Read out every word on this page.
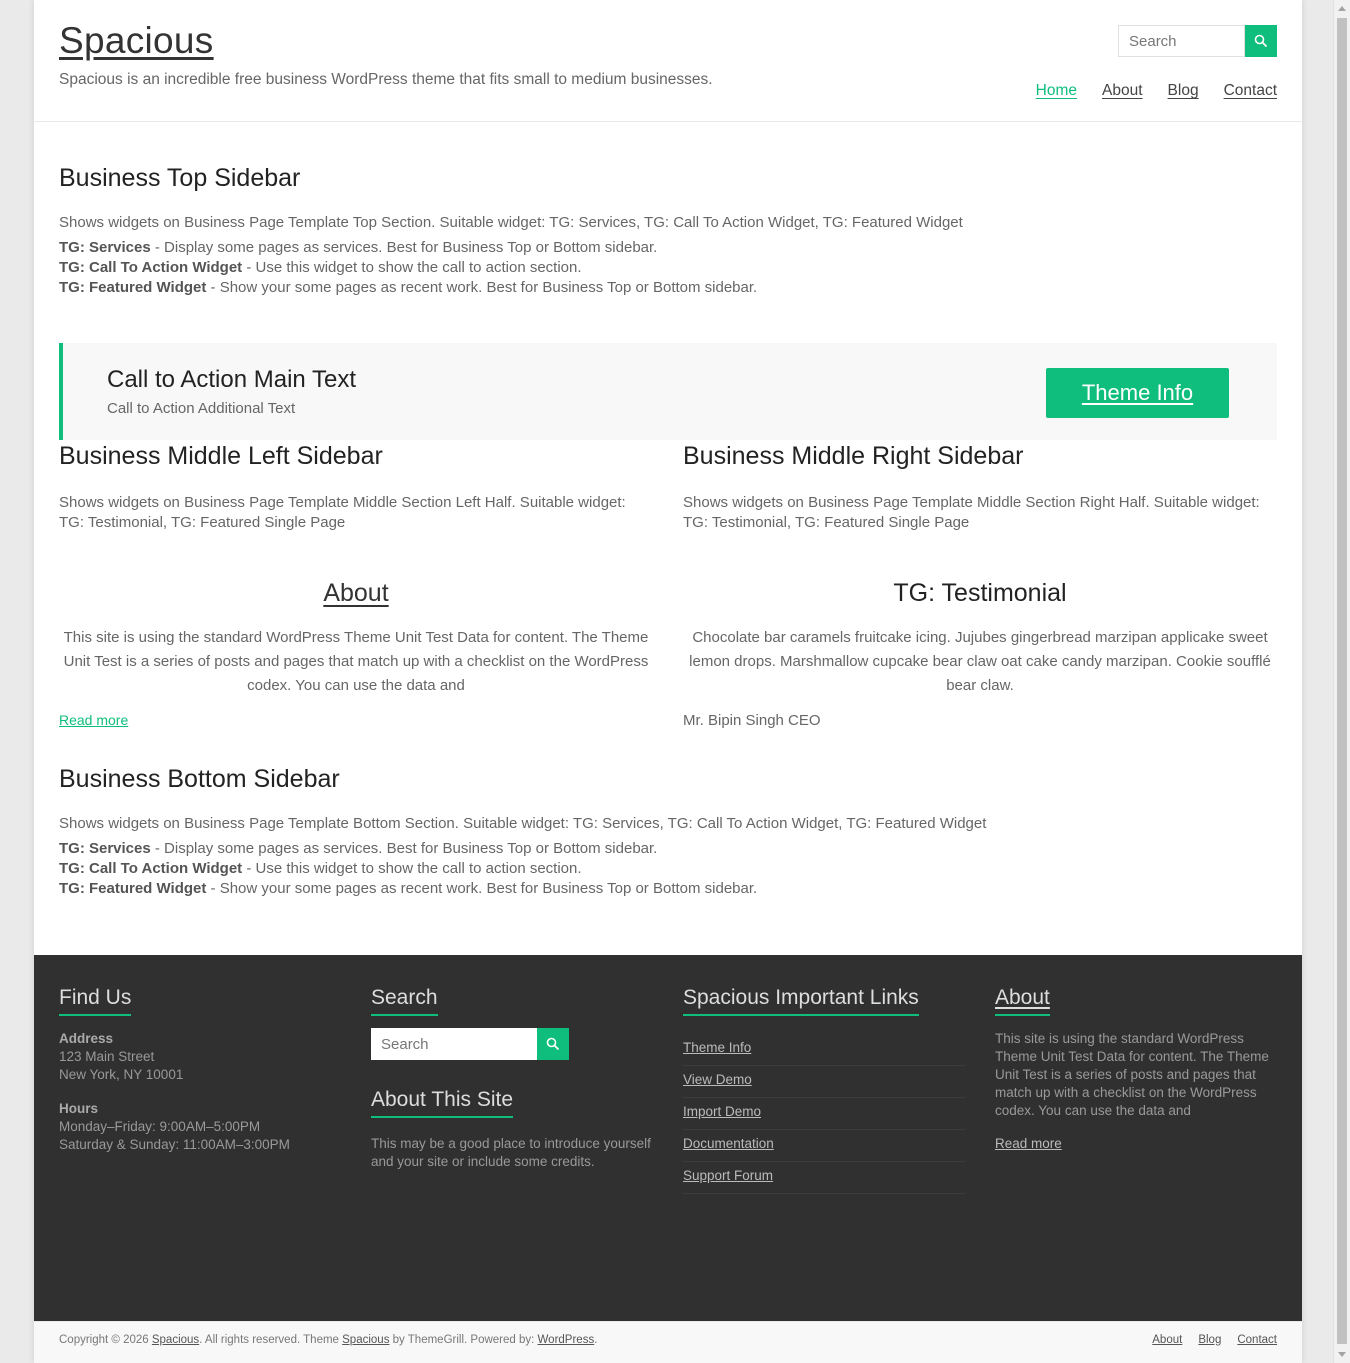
Spacious
Spacious is an incredible free business WordPress theme that fits small to medium businesses.
Search
Home About Blog Contact
Business Top Sidebar
Shows widgets on Business Page Template Top Section. Suitable widget: TG: Services, TG: Call To Action Widget, TG: Featured Widget
TG: Services - Display some pages as services. Best for Business Top or Bottom sidebar.
TG: Call To Action Widget - Use this widget to show the call to action section.
TG: Featured Widget - Show your some pages as recent work. Best for Business Top or Bottom sidebar.
Call to Action Main Text
Call to Action Additional Text
Theme Info
Business Middle Left Sidebar
Shows widgets on Business Page Template Middle Section Left Half. Suitable widget: TG: Testimonial, TG: Featured Single Page
About
This site is using the standard WordPress Theme Unit Test Data for content. The Theme Unit Test is a series of posts and pages that match up with a checklist on the WordPress codex. You can use the data and
Read more
Business Middle Right Sidebar
Shows widgets on Business Page Template Middle Section Right Half. Suitable widget: TG: Testimonial, TG: Featured Single Page
TG: Testimonial
Chocolate bar caramels fruitcake icing. Jujubes gingerbread marzipan applicake sweet lemon drops. Marshmallow cupcake bear claw oat cake candy marzipan. Cookie soufflé bear claw.
Mr. Bipin Singh CEO
Business Bottom Sidebar
Shows widgets on Business Page Template Bottom Section. Suitable widget: TG: Services, TG: Call To Action Widget, TG: Featured Widget
TG: Services - Display some pages as services. Best for Business Top or Bottom sidebar.
TG: Call To Action Widget - Use this widget to show the call to action section.
TG: Featured Widget - Show your some pages as recent work. Best for Business Top or Bottom sidebar.
Find Us
Address
123 Main Street
New York, NY 10001
Hours
Monday–Friday: 9:00AM–5:00PM
Saturday & Sunday: 11:00AM–3:00PM
Search
Search
About This Site
This may be a good place to introduce yourself and your site or include some credits.
Spacious Important Links
Theme Info
View Demo
Import Demo
Documentation
Support Forum
About
This site is using the standard WordPress Theme Unit Test Data for content. The Theme Unit Test is a series of posts and pages that match up with a checklist on the WordPress codex. You can use the data and
Read more
Copyright © 2026 Spacious. All rights reserved. Theme Spacious by ThemeGrill. Powered by: WordPress.	About Blog Contact
